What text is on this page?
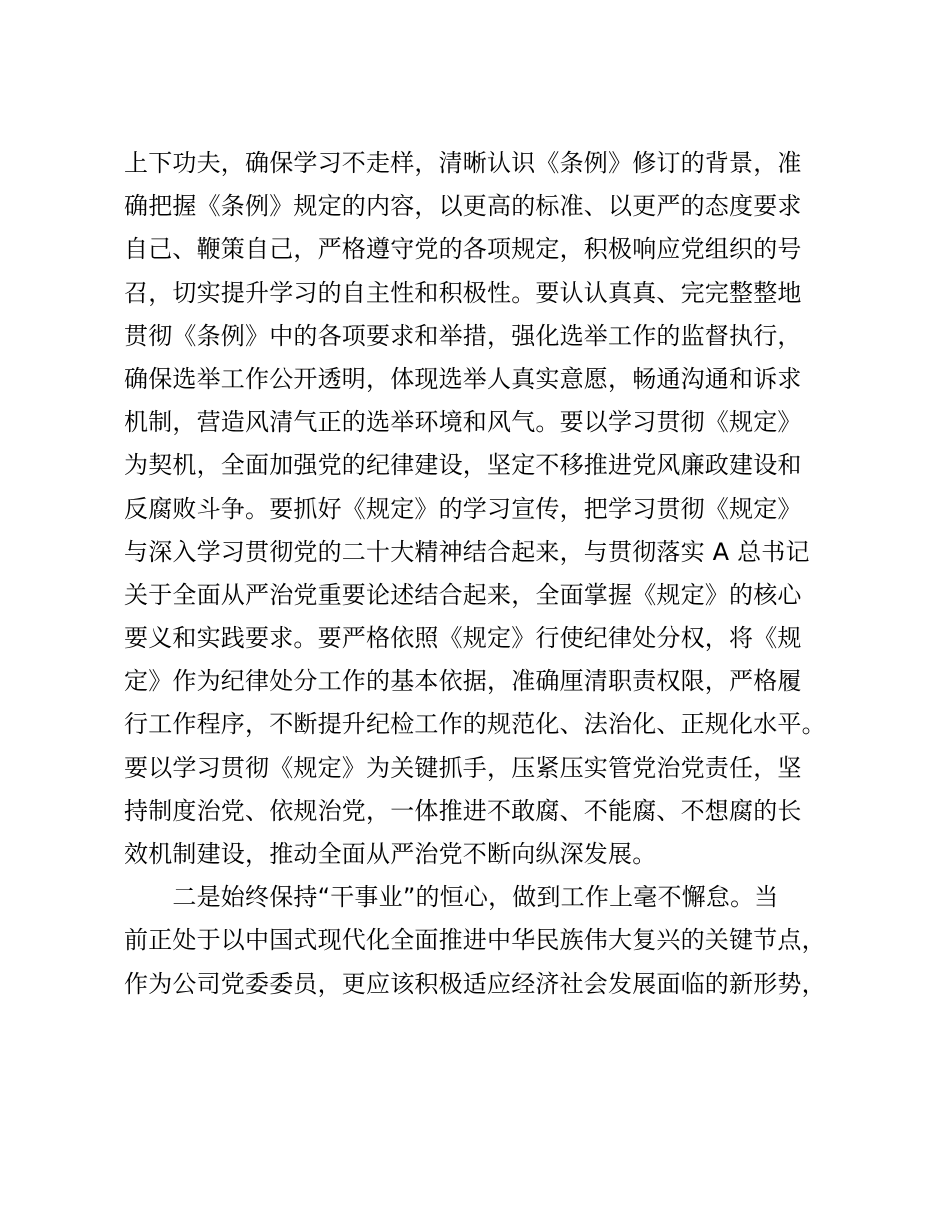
上下功夫，确保学习不走样，清晰认识《条例》修订的背景，准
确把握《条例》规定的内容，以更高的标准、以更严的态度要求
自己、鞭策自己，严格遵守党的各项规定，积极响应党组织的号
召，切实提升学习的自主性和积极性。要认认真真、完完整整地
贯彻《条例》中的各项要求和举措，强化选举工作的监督执行，
确保选举工作公开透明，体现选举人真实意愿，畅通沟通和诉求
机制，营造风清气正的选举环境和风气。要以学习贯彻《规定》
为契机，全面加强党的纪律建设，坚定不移推进党风廉政建设和
反腐败斗争。要抓好《规定》的学习宣传，把学习贯彻《规定》
与深入学习贯彻党的二十大精神结合起来，与贯彻落实 A 总书记
关于全面从严治党重要论述结合起来，全面掌握《规定》的核心
要义和实践要求。要严格依照《规定》行使纪律处分权，将《规
定》作为纪律处分工作的基本依据，准确厘清职责权限，严格履
行工作程序，不断提升纪检工作的规范化、法治化、正规化水平。
要以学习贯彻《规定》为关键抓手，压紧压实管党治党责任，坚
持制度治党、依规治党，一体推进不敢腐、不能腐、不想腐的长
效机制建设，推动全面从严治党不断向纵深发展。
　　二是始终保持“干事业”的恒心，做到工作上毫不懈怠。当
前正处于以中国式现代化全面推进中华民族伟大复兴的关键节点，
作为公司党委委员，更应该积极适应经济社会发展面临的新形势，
